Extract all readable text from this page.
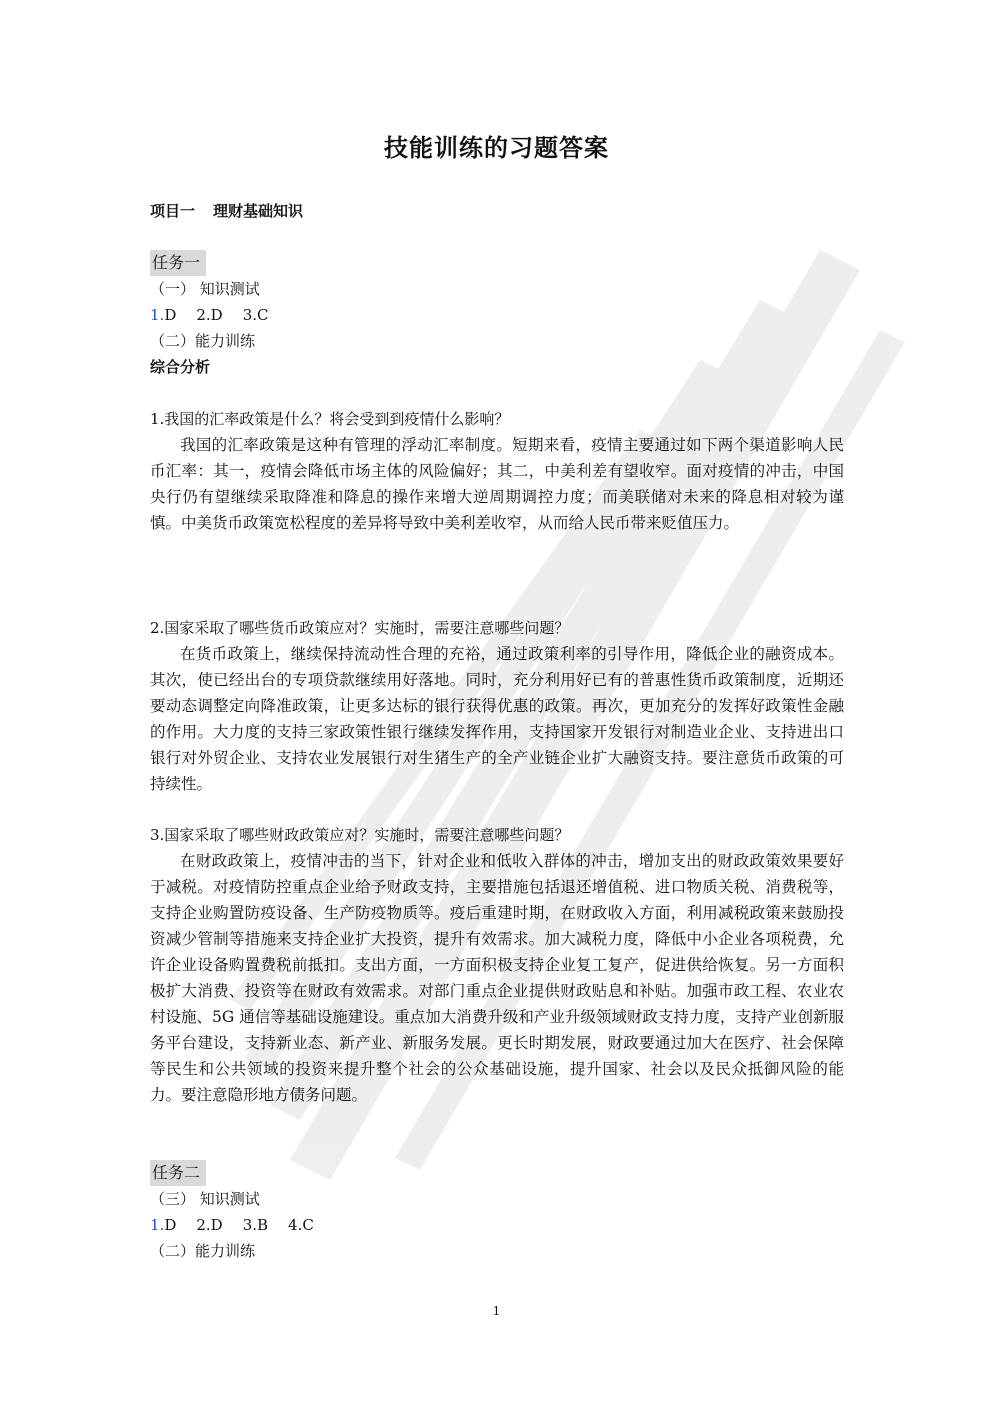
技能训练的习题答案
项目一 理财基础知识
任务一
（一） 知识测试
1.D 2.D 3.C
（二）能力训练
综合分析

1.我国的汇率政策是什么？将会受到到疫情什么影响？

我国的汇率政策是这种有管理的浮动汇率制度。短期来看，疫情主要通过如下两个渠道影响人民币汇率：其一，疫情会降低市场主体的风险偏好；其二，中美利差有望收窄。面对疫情的冲击，中国央行仍有望继续采取降准和降息的操作来增大逆周期调控力度；而美联储对未来的降息相对较为谨慎。中美货币政策宽松程度的差异将导致中美利差收窄，从而给人民币带来贬值压力。

2.国家采取了哪些货币政策应对？实施时，需要注意哪些问题？

在货币政策上，继续保持流动性合理的充裕，通过政策利率的引导作用，降低企业的融资成本。其次，使已经出台的专项贷款继续用好落地。同时，充分利用好已有的普惠性货币政策制度，近期还要动态调整定向降准政策，让更多达标的银行获得优惠的政策。再次，更加充分的发挥好政策性金融的作用。大力度的支持三家政策性银行继续发挥作用，支持国家开发银行对制造业企业、支持进出口银行对外贸企业、支持农业发展银行对生猪生产的全产业链企业扩大融资支持。要注意货币政策的可持续性。

3.国家采取了哪些财政政策应对？实施时，需要注意哪些问题？

在财政政策上，疫情冲击的当下，针对企业和低收入群体的冲击，增加支出的财政政策效果要好于减税。对疫情防控重点企业给予财政支持，主要措施包括退还增值税、进口物质关税、消费税等，支持企业购置防疫设备、生产防疫物质等。疫后重建时期，在财政收入方面，利用减税政策来鼓励投资减少管制等措施来支持企业扩大投资，提升有效需求。加大减税力度，降低中小企业各项税费，允许企业设备购置费税前抵扣。支出方面，一方面积极支持企业复工复产，促进供给恢复。另一方面积极扩大消费、投资等在财政有效需求。对部门重点企业提供财政贴息和补贴。加强市政工程、农业农村设施、5G 通信等基础设施建设。重点加大消费升级和产业升级领域财政支持力度，支持产业创新服务平台建设，支持新业态、新产业、新服务发展。更长时期发展，财政要通过加大在医疗、社会保障等民生和公共领域的投资来提升整个社会的公众基础设施，提升国家、社会以及民众抵御风险的能力。要注意隐形地方债务问题。

任务二
（三） 知识测试
1.D 2.D 3.B 4.C
（二）能力训练
1
